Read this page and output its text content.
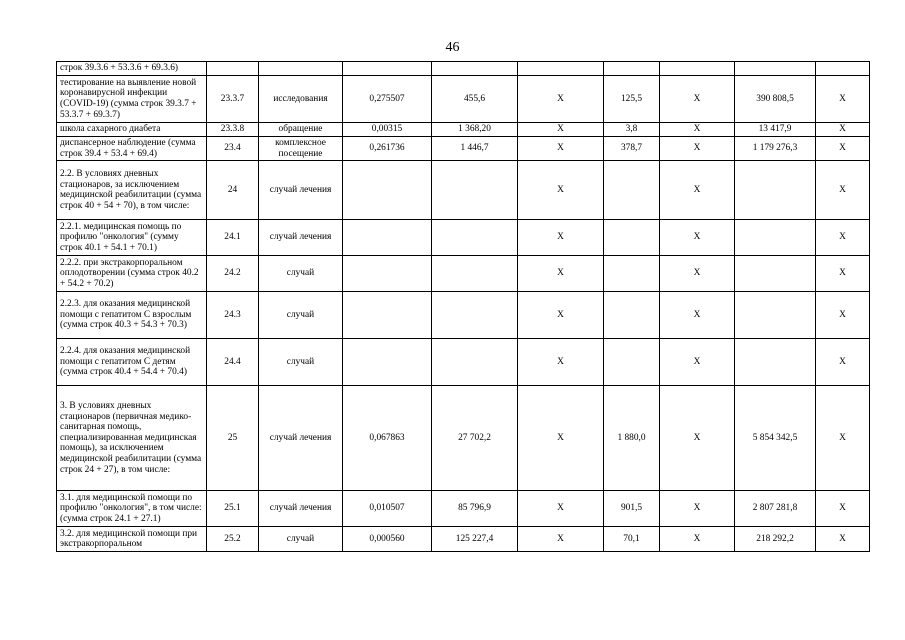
46
строк 39.3.6 + 53.3.6 + 69.3.6)									
тестирование на выявление новой коронавирусной инфекции (COVID-19) (сумма строк 39.3.7 + 53.3.7 + 69.3.7)	23.3.7	исследования	0,275507	455,6	Х	125,5	Х	390 808,5	Х
школа сахарного диабета	23.3.8	обращение	0,00315	1 368,20	Х	3,8	Х	13 417,9	Х
диспансерное наблюдение (сумма строк 39.4 + 53.4 + 69.4)	23.4	комплексное посещение	0,261736	1 446,7	Х	378,7	Х	1 179 276,3	Х
2.2. В условиях дневных стационаров, за исключением медицинской реабилитации (сумма строк 40 + 54 + 70), в том числе:	24	случай лечения			Х		Х		Х
2.2.1. медицинская помощь по профилю "онкология" (сумму строк 40.1 + 54.1 + 70.1)	24.1	случай лечения			Х		Х		Х
2.2.2. при экстракорпоральном оплодотворении (сумма строк 40.2 + 54.2 + 70.2)	24.2	случай			Х		Х		Х
2.2.3. для оказания медицинской помощи с гепатитом С взрослым (сумма строк 40.3 + 54.3 + 70.3)	24.3	случай			Х		Х		Х
2.2.4. для оказания медицинской помощи с гепатитом С детям (сумма строк 40.4 + 54.4 + 70.4)	24.4	случай			Х		Х		Х
3. В условиях дневных стационаров (первичная медико-санитарная помощь, специализированная медицинская помощь), за исключением медицинской реабилитации (сумма строк 24 + 27), в том числе:	25	случай лечения	0,067863	27 702,2	Х	1 880,0	Х	5 854 342,5	Х
3.1. для медицинской помощи по профилю "онкология", в том числе: (сумма строк 24.1 + 27.1)	25.1	случай лечения	0,010507	85 796,9	Х	901,5	Х	2 807 281,8	Х
3.2. для медицинской помощи при экстракорпоральном	25.2	случай	0,000560	125 227,4	Х	70,1	Х	218 292,2	Х
